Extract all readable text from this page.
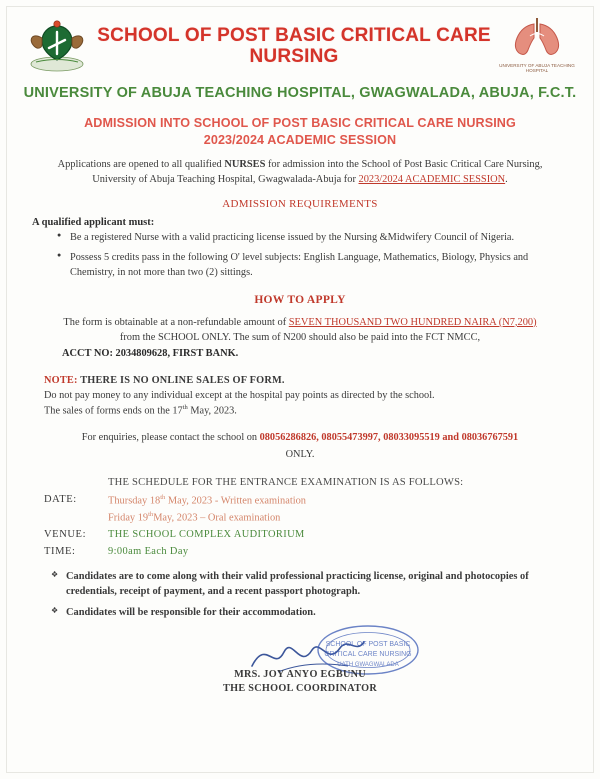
SCHOOL OF POST BASIC CRITICAL CARE NURSING	UNIVERSITY OF ABUJA TEACHING HOSPITAL
UNIVERSITY OF ABUJA TEACHING HOSPITAL, GWAGWALADA, ABUJA, F.C.T.
ADMISSION INTO SCHOOL OF POST BASIC CRITICAL CARE NURSING
2023/2024 ACADEMIC SESSION
Applications are opened to all qualified NURSES for admission into the School of Post Basic Critical Care Nursing, University of Abuja Teaching Hospital, Gwagwalada-Abuja for 2023/2024 ACADEMIC SESSION.
ADMISSION REQUIREMENTS
A qualified applicant must:
● Be a registered Nurse with a valid practicing license issued by the Nursing &Midwifery Council of Nigeria.
● Possess 5 credits pass in the following O' level subjects: English Language, Mathematics, Biology, Physics and Chemistry, in not more than two (2) sittings.
HOW TO APPLY
The form is obtainable at a non-refundable amount of SEVEN THOUSAND TWO HUNDRED NAIRA (N7,200) from the SCHOOL ONLY. The sum of N200 should also be paid into the FCT NMCC,
ACCT NO: 2034809628, FIRST BANK.
NOTE: THERE IS NO ONLINE SALES OF FORM.
Do not pay money to any individual except at the hospital pay points as directed by the school.
The sales of forms ends on the 17th May, 2023.
For enquiries, please contact the school on 08056286826, 08055473997, 08033095519 and 08036767591
ONLY.
THE SCHEDULE FOR THE ENTRANCE EXAMINATION IS AS FOLLOWS:
DATE:	Thursday 18th May, 2023 - Written examination
Friday 19thMay, 2023 – Oral examination
VENUE:	THE SCHOOL COMPLEX AUDITORIUM
TIME:	9:00am Each Day
❖ Candidates are to come along with their valid professional practicing license, original and photocopies of credentials, receipt of payment, and a recent passport photograph.
❖ Candidates will be responsible for their accommodation.
SCHOOL OF POST BASIC
CRITICAL CARE NURSING
UATH GWAGWALADA
MRS. JOY ANYO EGBUNU
THE SCHOOL COORDINATOR
